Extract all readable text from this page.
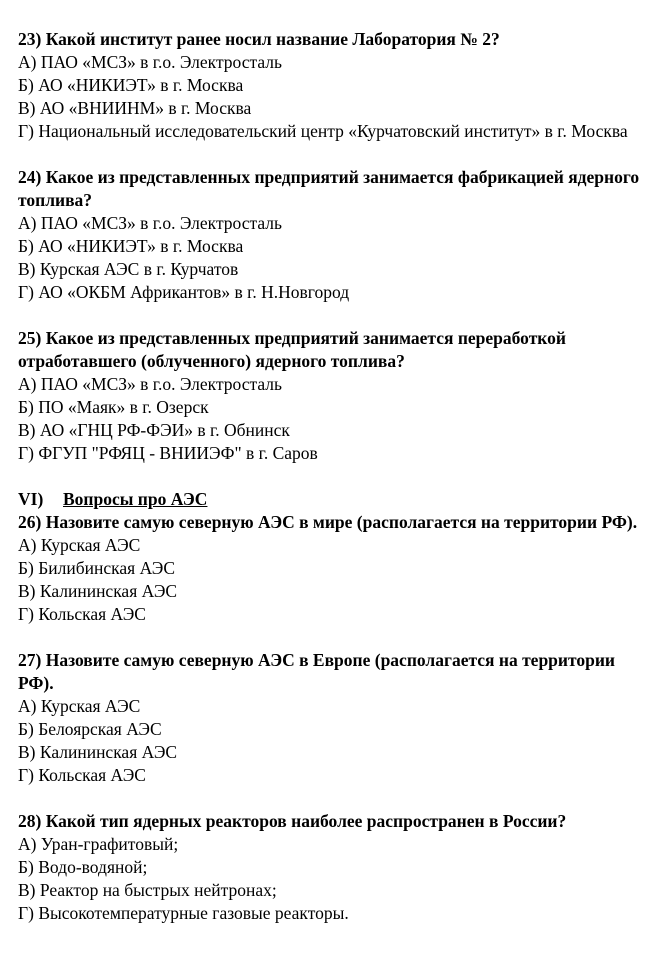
23) Какой институт ранее носил название Лаборатория № 2?
А) ПАО «МСЗ» в г.о. Электросталь
Б) АО «НИКИЭТ» в г. Москва
В) АО «ВНИИНМ» в г. Москва
Г) Национальный исследовательский центр «Курчатовский институт» в г. Москва
24) Какое из представленных предприятий занимается фабрикацией ядерного топлива?
А) ПАО «МСЗ» в г.о. Электросталь
Б) АО «НИКИЭТ» в г. Москва
В) Курская АЭС в г. Курчатов
Г) АО «ОКБМ Африкантов» в г. Н.Новгород
25) Какое из представленных предприятий занимается переработкой отработавшего (облученного) ядерного топлива?
А) ПАО «МСЗ» в г.о. Электросталь
Б) ПО «Маяк» в г. Озерск
В) АО «ГНЦ РФ-ФЭИ» в г. Обнинск
Г) ФГУП "РФЯЦ - ВНИИЭФ" в г. Саров
VI) Вопросы про АЭС
26) Назовите самую северную АЭС в мире (располагается на территории РФ).
А) Курская АЭС
Б) Билибинская АЭС
В) Калининская АЭС
Г) Кольская АЭС
27) Назовите самую северную АЭС в Европе (располагается на территории РФ).
А) Курская АЭС
Б) Белоярская АЭС
В) Калининская АЭС
Г) Кольская АЭС
28) Какой тип ядерных реакторов наиболее распространен в России?
А) Уран-графитовый;
Б) Водо-водяной;
В) Реактор на быстрых нейтронах;
Г) Высокотемпературные газовые реакторы.
